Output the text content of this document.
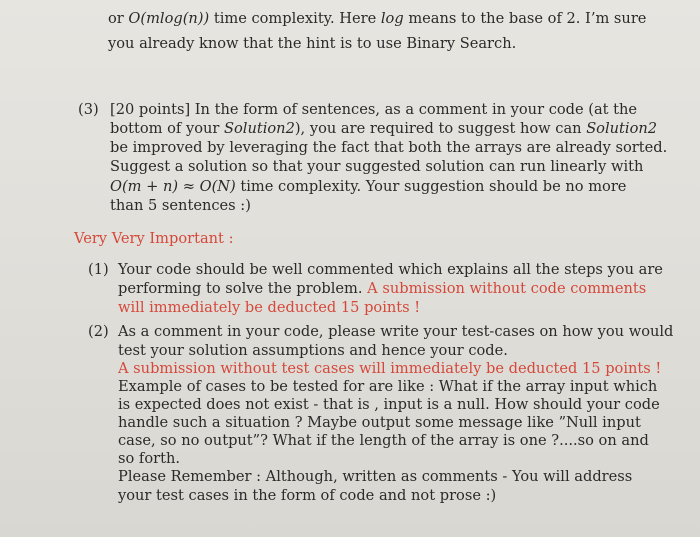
or O(mlog(n)) time complexity. Here log means to the base of 2. I’m sure
you already know that the hint is to use Binary Search.
(3) [20 points] In the form of sentences, as a comment in your code (at the
bottom of your Solution2), you are required to suggest how can Solution2
be improved by leveraging the fact that both the arrays are already sorted.
Suggest a solution so that your suggested solution can run linearly with
O(m + n) ≈ O(N) time complexity. Your suggestion should be no more
than 5 sentences :)
Very Very Important :
(1) Your code should be well commented which explains all the steps you are
performing to solve the problem. A submission without code comments
will immediately be deducted 15 points !
(2) As a comment in your code, please write your test-cases on how you would
test your solution assumptions and hence your code.
A submission without test cases will immediately be deducted 15 points !
Example of cases to be tested for are like : What if the array input which
is expected does not exist - that is , input is a null. How should your code
handle such a situation ? Maybe output some message like ”Null input
case, so no output”? What if the length of the array is one ?....so on and
so forth.
Please Remember : Although, written as comments - You will address
your test cases in the form of code and not prose :)
